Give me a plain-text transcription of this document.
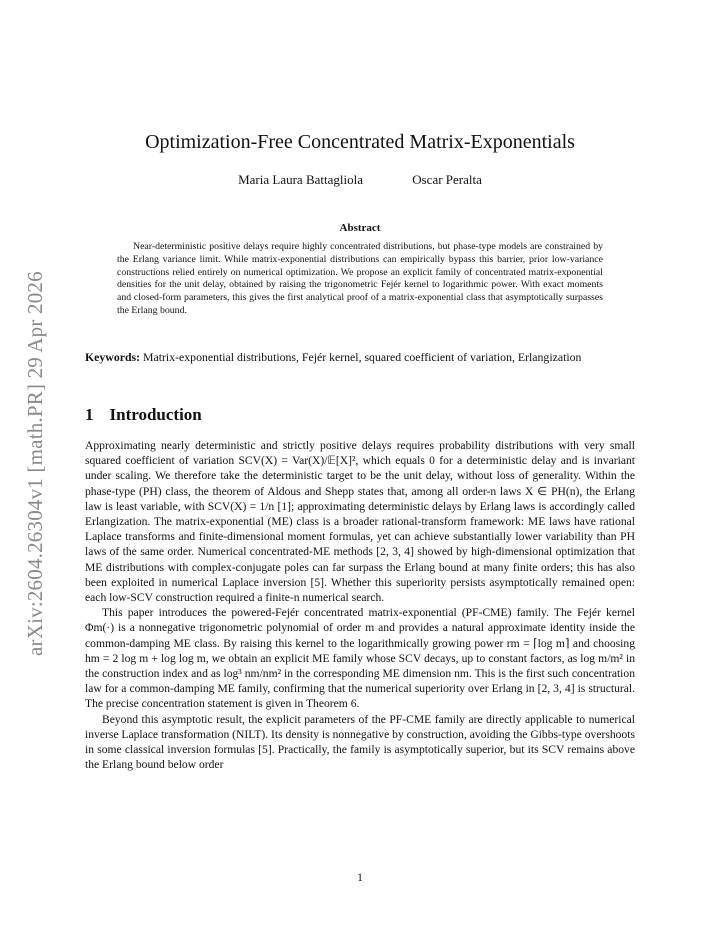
arXiv:2604.26304v1 [math.PR] 29 Apr 2026
Optimization-Free Concentrated Matrix-Exponentials
Maria Laura Battagliola	Oscar Peralta
Abstract

Near-deterministic positive delays require highly concentrated distributions, but phase-type models are constrained by the Erlang variance limit. While matrix-exponential distributions can empirically bypass this barrier, prior low-variance constructions relied entirely on numerical optimization. We propose an explicit family of concentrated matrix-exponential densities for the unit delay, obtained by raising the trigonometric Fejér kernel to logarithmic power. With exact moments and closed-form parameters, this gives the first analytical proof of a matrix-exponential class that asymptotically surpasses the Erlang bound.

Keywords: Matrix-exponential distributions, Fejér kernel, squared coefficient of variation, Erlangization

1 Introduction

Approximating nearly deterministic and strictly positive delays requires probability distributions with very small squared coefficient of variation SCV(X) = Var(X)/𝔼[X]², which equals 0 for a deterministic delay and is invariant under scaling. We therefore take the deterministic target to be the unit delay, without loss of generality. Within the phase-type (PH) class, the theorem of Aldous and Shepp states that, among all order-n laws X ∈ PH(n), the Erlang law is least variable, with SCV(X) = 1/n [1]; approximating deterministic delays by Erlang laws is accordingly called Erlangization. The matrix-exponential (ME) class is a broader rational-transform framework: ME laws have rational Laplace transforms and finite-dimensional moment formulas, yet can achieve substantially lower variability than PH laws of the same order. Numerical concentrated-ME methods [2, 3, 4] showed by high-dimensional optimization that ME distributions with complex-conjugate poles can far surpass the Erlang bound at many finite orders; this has also been exploited in numerical Laplace inversion [5]. Whether this superiority persists asymptotically remained open: each low-SCV construction required a finite-n numerical search.

This paper introduces the powered-Fejér concentrated matrix-exponential (PF-CME) family. The Fejér kernel Φm(·) is a nonnegative trigonometric polynomial of order m and provides a natural approximate identity inside the common-damping ME class. By raising this kernel to the logarithmically growing power rm = ⌈log m⌉ and choosing hm = 2 log m + log log m, we obtain an explicit ME family whose SCV decays, up to constant factors, as log m/m² in the construction index and as log³ nm/nm² in the corresponding ME dimension nm. This is the first such concentration law for a common-damping ME family, confirming that the numerical superiority over Erlang in [2, 3, 4] is structural. The precise concentration statement is given in Theorem 6.

Beyond this asymptotic result, the explicit parameters of the PF-CME family are directly applicable to numerical inverse Laplace transformation (NILT). Its density is nonnegative by construction, avoiding the Gibbs-type overshoots in some classical inversion formulas [5]. Practically, the family is asymptotically superior, but its SCV remains above the Erlang bound below order

1
